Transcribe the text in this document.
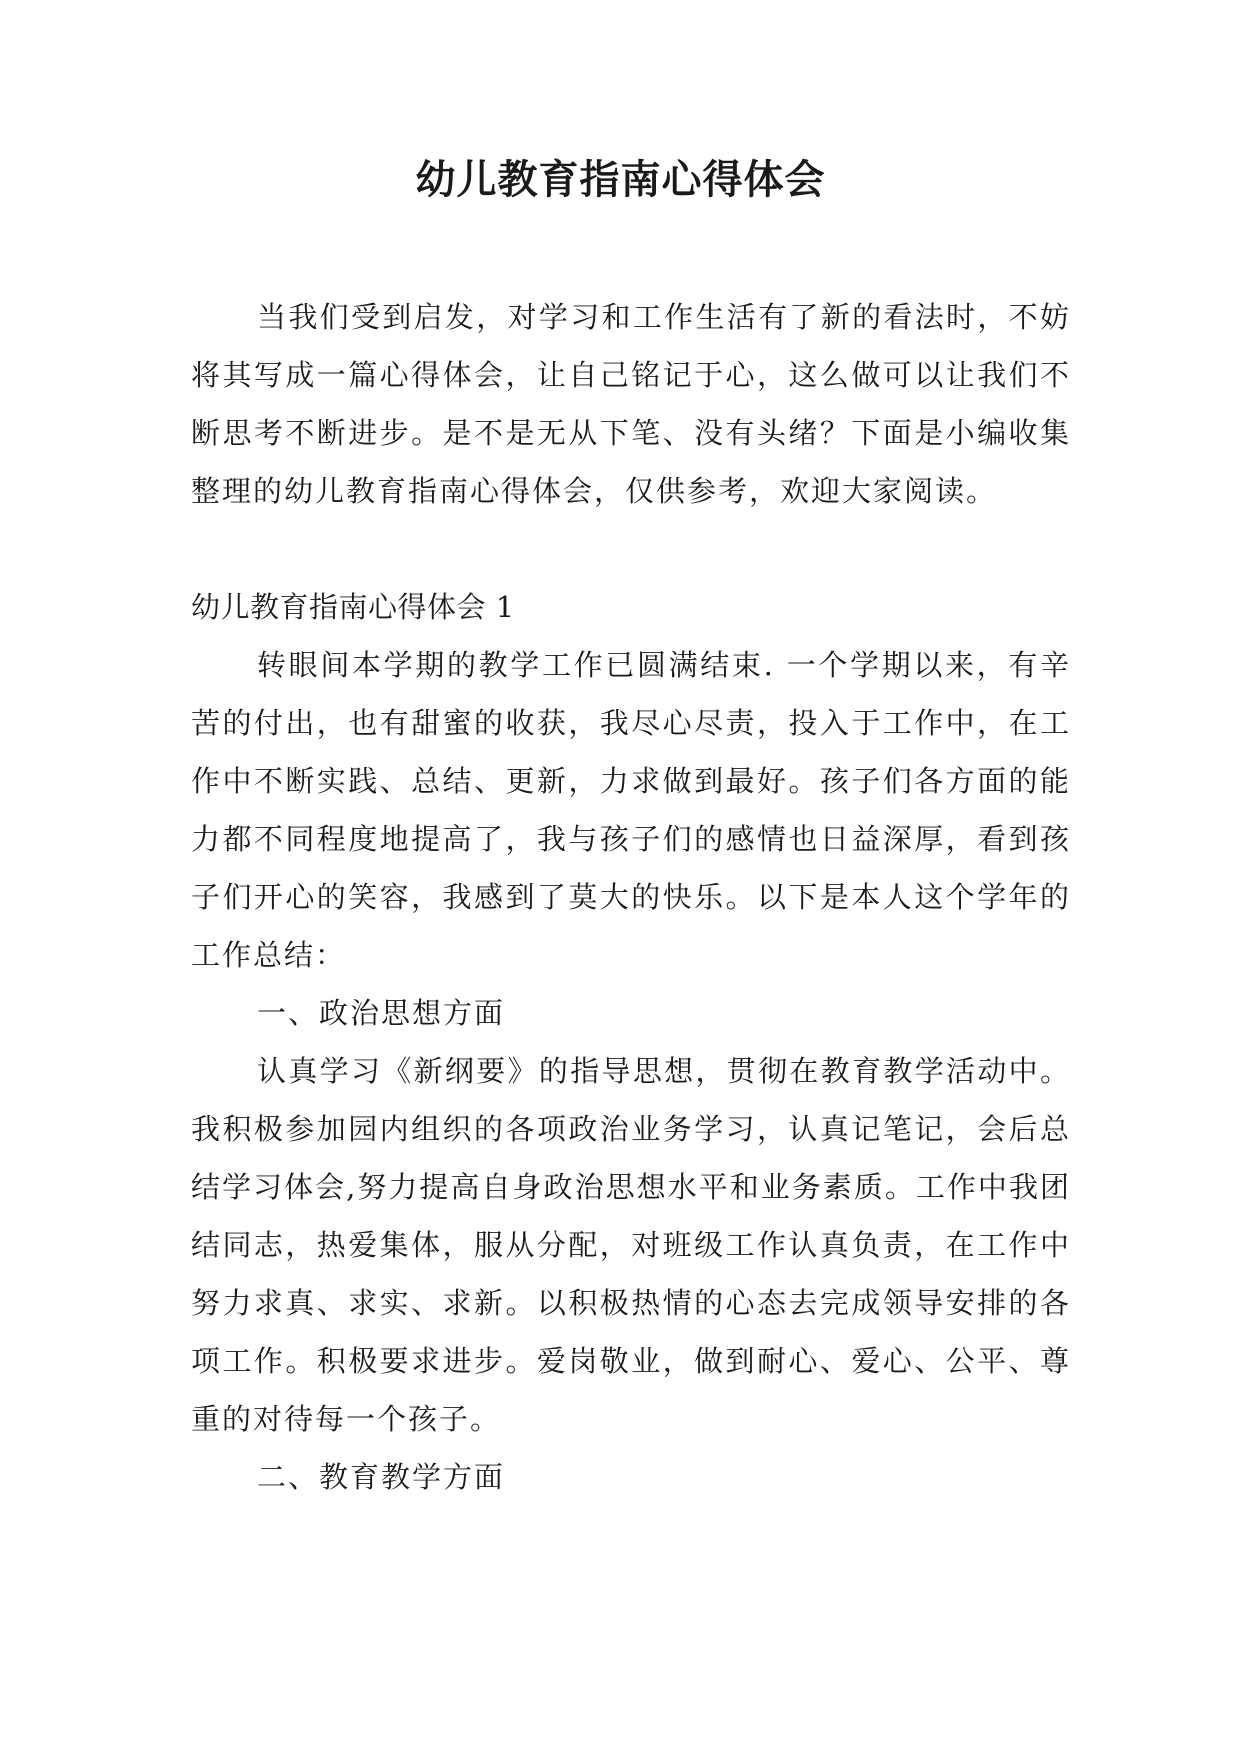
幼儿教育指南心得体会

当我们受到启发，对学习和工作生活有了新的看法时，不妨将其写成一篇心得体会，让自己铭记于心，这么做可以让我们不断思考不断进步。是不是无从下笔、没有头绪？下面是小编收集整理的幼儿教育指南心得体会，仅供参考，欢迎大家阅读。

幼儿教育指南心得体会 1

转眼间本学期的教学工作已圆满结束. 一个学期以来，有辛苦的付出，也有甜蜜的收获，我尽心尽责，投入于工作中，在工作中不断实践、总结、更新，力求做到最好。孩子们各方面的能力都不同程度地提高了，我与孩子们的感情也日益深厚，看到孩子们开心的笑容，我感到了莫大的快乐。以下是本人这个学年的工作总结：

一、政治思想方面

认真学习《新纲要》的指导思想，贯彻在教育教学活动中。我积极参加园内组织的各项政治业务学习，认真记笔记，会后总结学习体会,努力提高自身政治思想水平和业务素质。工作中我团结同志，热爱集体，服从分配，对班级工作认真负责，在工作中努力求真、求实、求新。以积极热情的心态去完成领导安排的各项工作。积极要求进步。爱岗敬业，做到耐心、爱心、公平、尊重的对待每一个孩子。

二、教育教学方面
